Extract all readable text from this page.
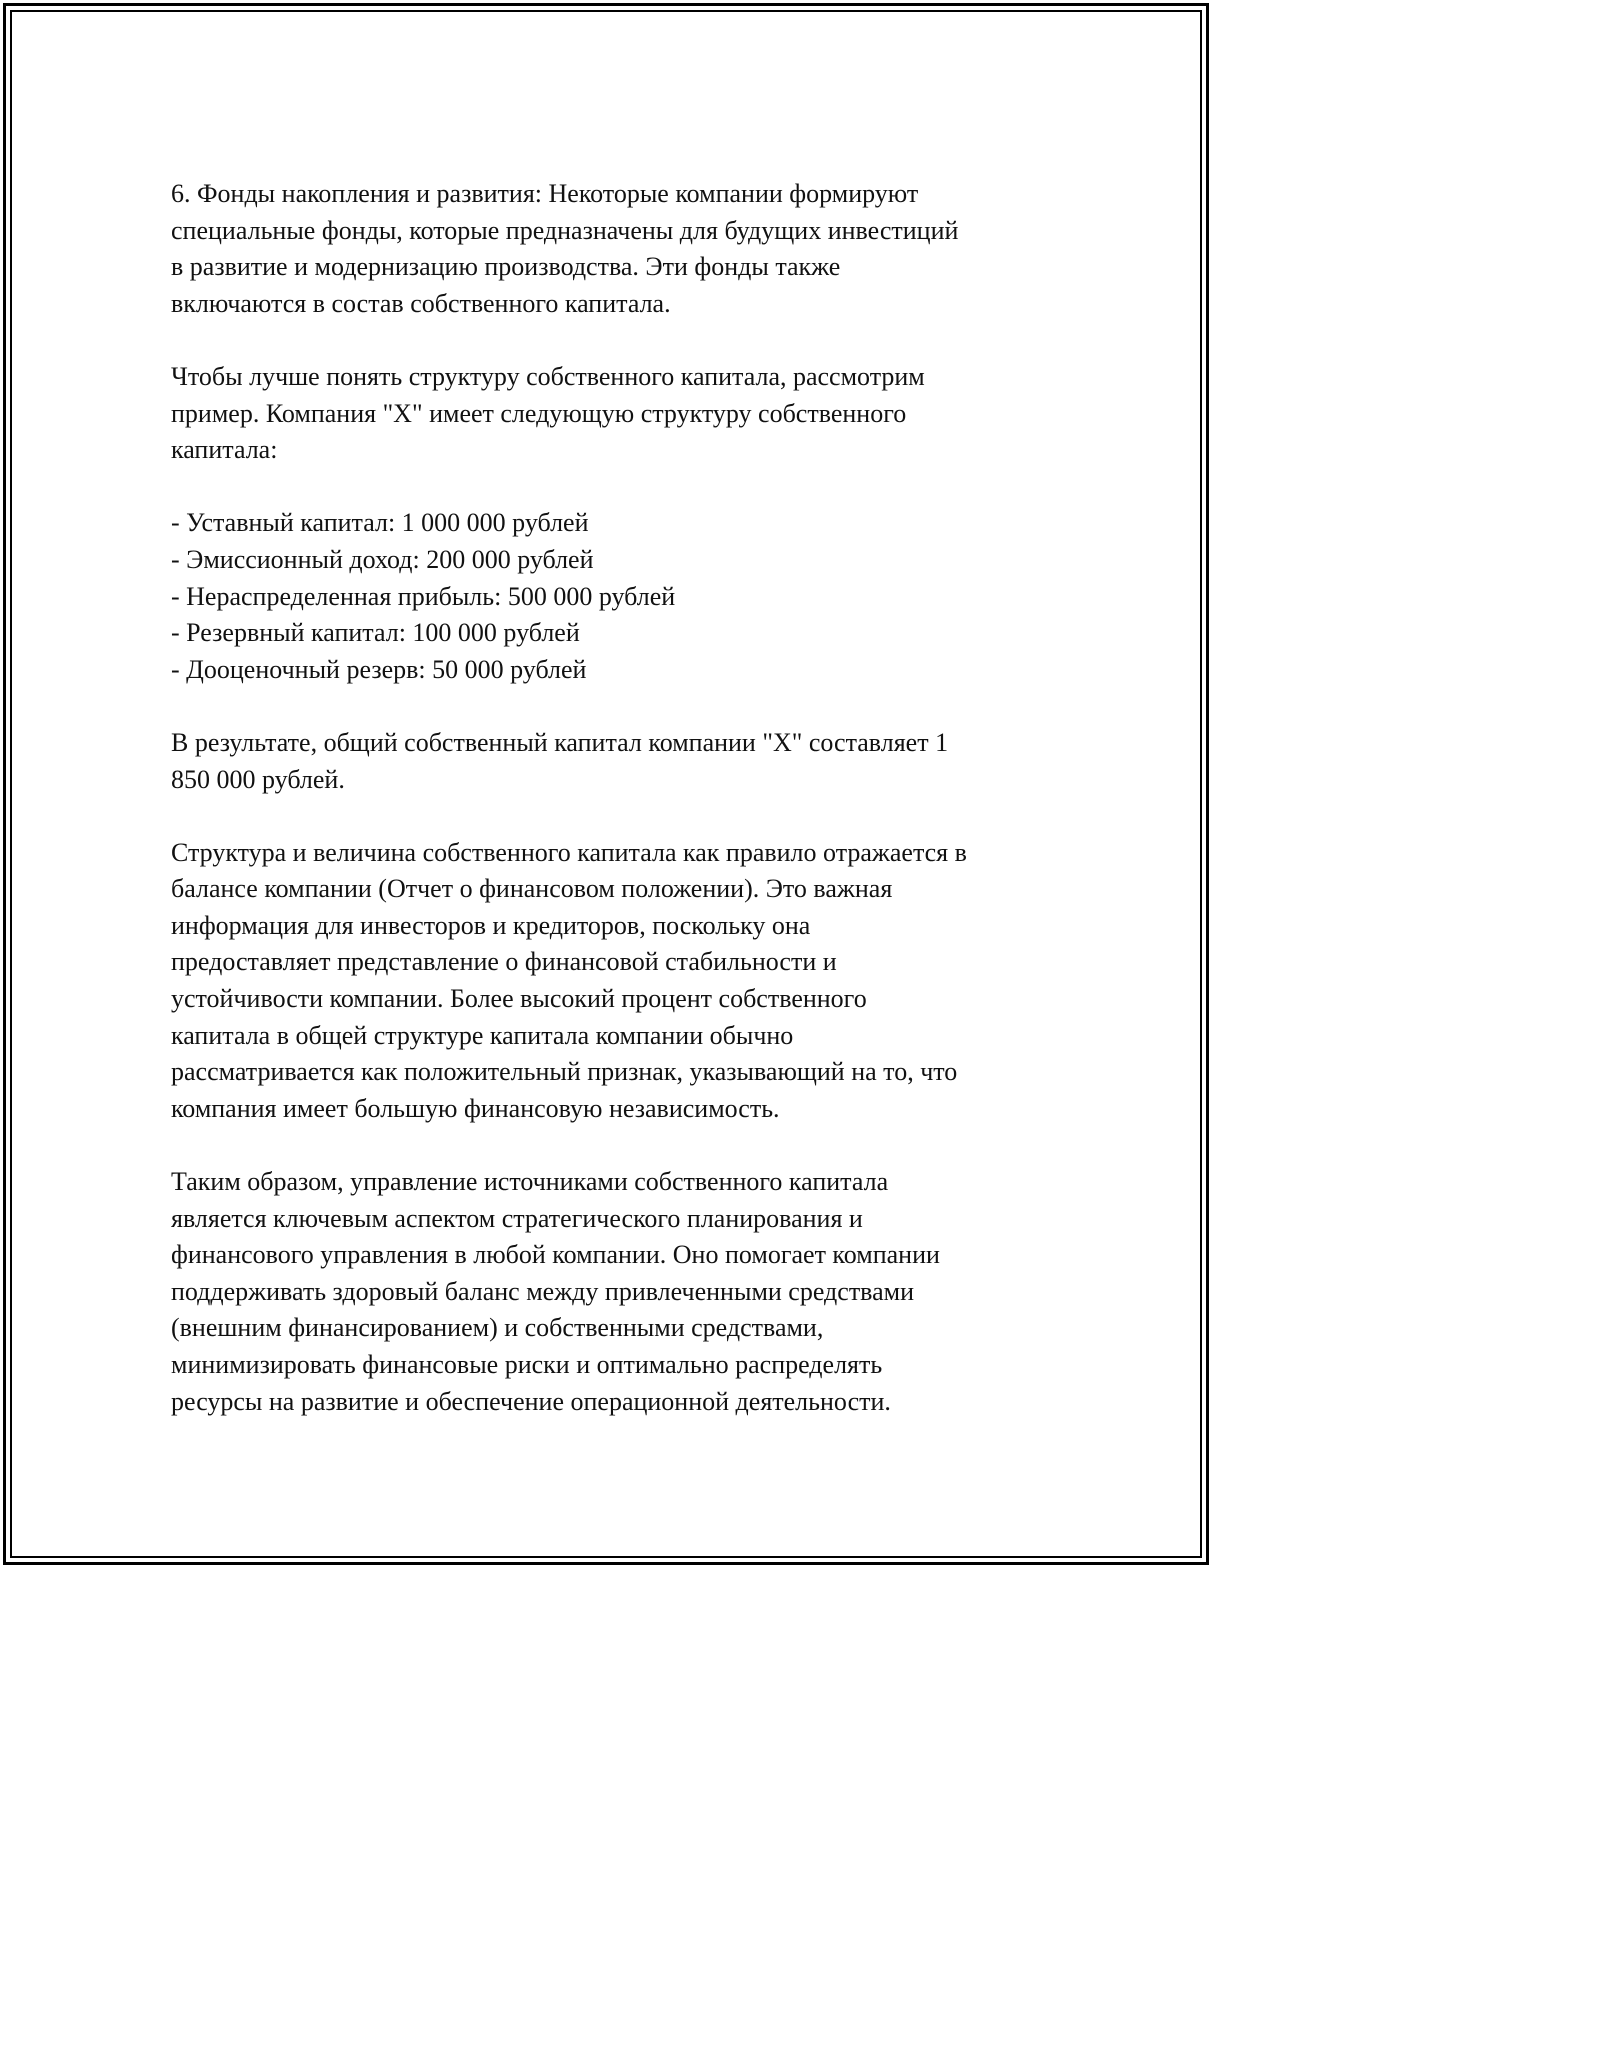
6. Фонды накопления и развития: Некоторые компании формируют
специальные фонды, которые предназначены для будущих инвестиций
в развитие и модернизацию производства. Эти фонды также
включаются в состав собственного капитала.

Чтобы лучше понять структуру собственного капитала, рассмотрим
пример. Компания "X" имеет следующую структуру собственного
капитала:

- Уставный капитал: 1 000 000 рублей
- Эмиссионный доход: 200 000 рублей
- Нераспределенная прибыль: 500 000 рублей
- Резервный капитал: 100 000 рублей
- Дооценочный резерв: 50 000 рублей

В результате, общий собственный капитал компании "X" составляет 1
850 000 рублей.

Структура и величина собственного капитала как правило отражается в
балансе компании (Отчет о финансовом положении). Это важная
информация для инвесторов и кредиторов, поскольку она
предоставляет представление о финансовой стабильности и
устойчивости компании. Более высокий процент собственного
капитала в общей структуре капитала компании обычно
рассматривается как положительный признак, указывающий на то, что
компания имеет большую финансовую независимость.

Таким образом, управление источниками собственного капитала
является ключевым аспектом стратегического планирования и
финансового управления в любой компании. Оно помогает компании
поддерживать здоровый баланс между привлеченными средствами
(внешним финансированием) и собственными средствами,
минимизировать финансовые риски и оптимально распределять
ресурсы на развитие и обеспечение операционной деятельности.
